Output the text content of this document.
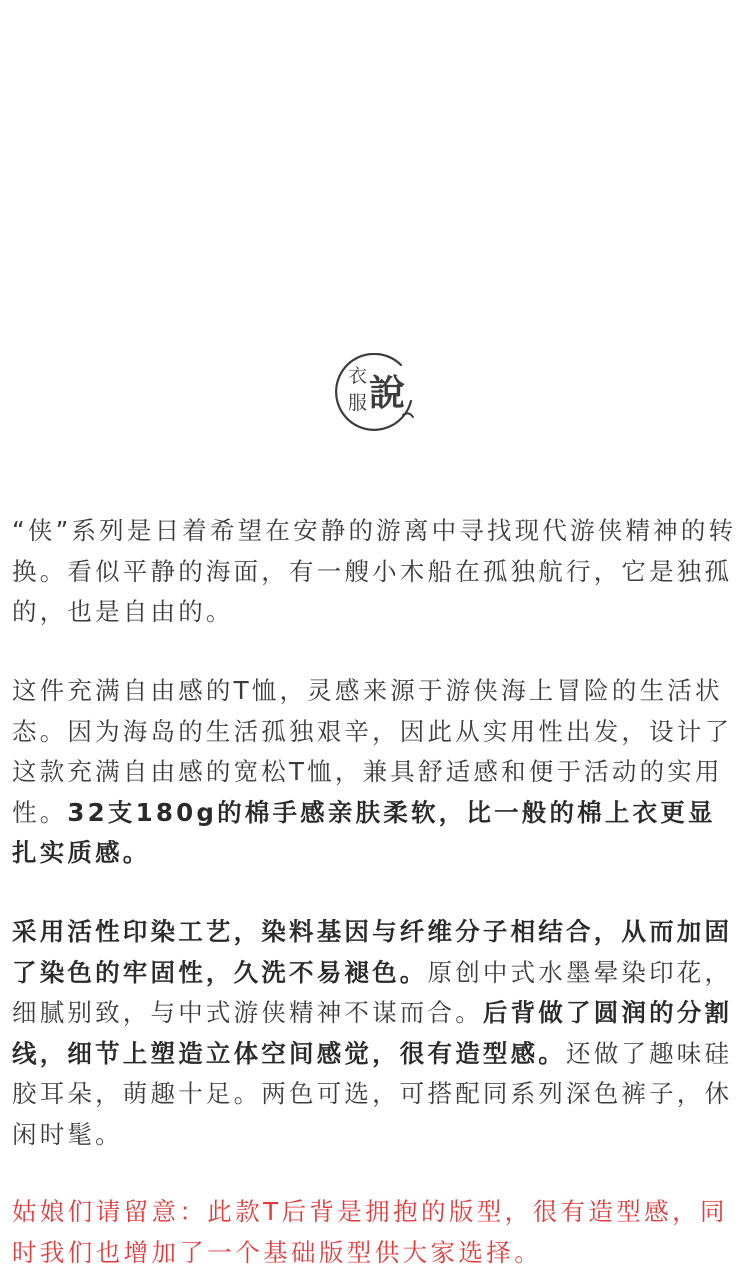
衣
服 說

“侠”系列是日着希望在安静的游离中寻找现代游侠精神的转换。看似平静的海面，有一艘小木船在孤独航行，它是独孤的，也是自由的。

这件充满自由感的T恤，灵感来源于游侠海上冒险的生活状态。因为海岛的生活孤独艰辛，因此从实用性出发，设计了这款充满自由感的宽松T恤，兼具舒适感和便于活动的实用性。32支180g的棉手感亲肤柔软，比一般的棉上衣更显扎实质感。

采用活性印染工艺，染料基因与纤维分子相结合，从而加固了染色的牢固性，久洗不易褪色。原创中式水墨晕染印花，细腻别致，与中式游侠精神不谋而合。后背做了圆润的分割线，细节上塑造立体空间感觉，很有造型感。还做了趣味硅胶耳朵，萌趣十足。两色可选，可搭配同系列深色裤子，休闲时髦。

姑娘们请留意：此款T后背是拥抱的版型，很有造型感，同时我们也增加了一个基础版型供大家选择。
